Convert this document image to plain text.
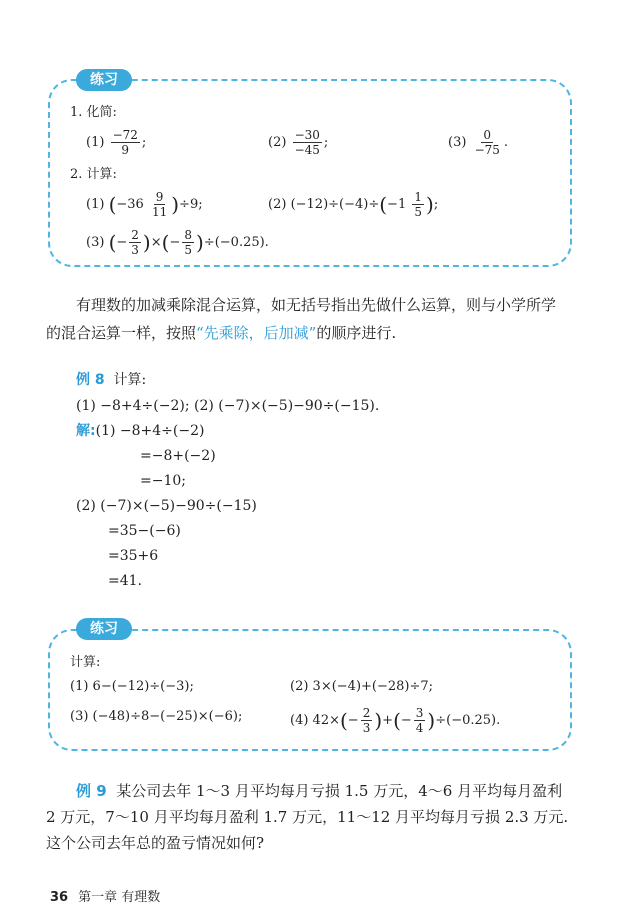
练习
1. 化简:
$(1) \frac{-72}{9}$ ;	$(2) \frac{-30}{-45}$ ;	$(3) \frac{0}{-75}$ .
2. 计算:
(1) $(-36 \frac{9}{11} )\div 9$;	(2) $(-12)\div(-4)\div(-1 \frac{1}{5}$ );
(3) (− $\frac{2}{3}$ )×(− $\frac{8}{5} )\div(-0.25)$.
有理数的加减乘除混合运算，如无括号指出先做什么运算，则与小学所学
的混合运算一样，按照“先乘除，后加减”的顺序进行.
例 8 计算:
(1) −8+4÷(−2); (2) (−7)×(−5)−90÷(−15).
解:(1) −8+4÷(−2)
=−8+(−2)
=−10;
(2) (−7)×(−5)−90÷(−15)
=35−(−6)
=35+6
=41.
练习
计算:
(1) 6−(−12)÷(−3);	(2) 3×(−4)+(−28)÷7;
(3) (−48)÷8−(−25)×(−6);	(4) $42\times(- \frac{2}{3}$ )+(− $\frac{3}{4} )\div(-0.25)$.
例 9 某公司去年 1～3 月平均每月亏损 1.5 万元，4～6 月平均每月盈利
2 万元，7～10 月平均每月盈利 1.7 万元，11～12 月平均每月亏损 2.3 万元.
这个公司去年总的盈亏情况如何?
36 第一章 有理数
